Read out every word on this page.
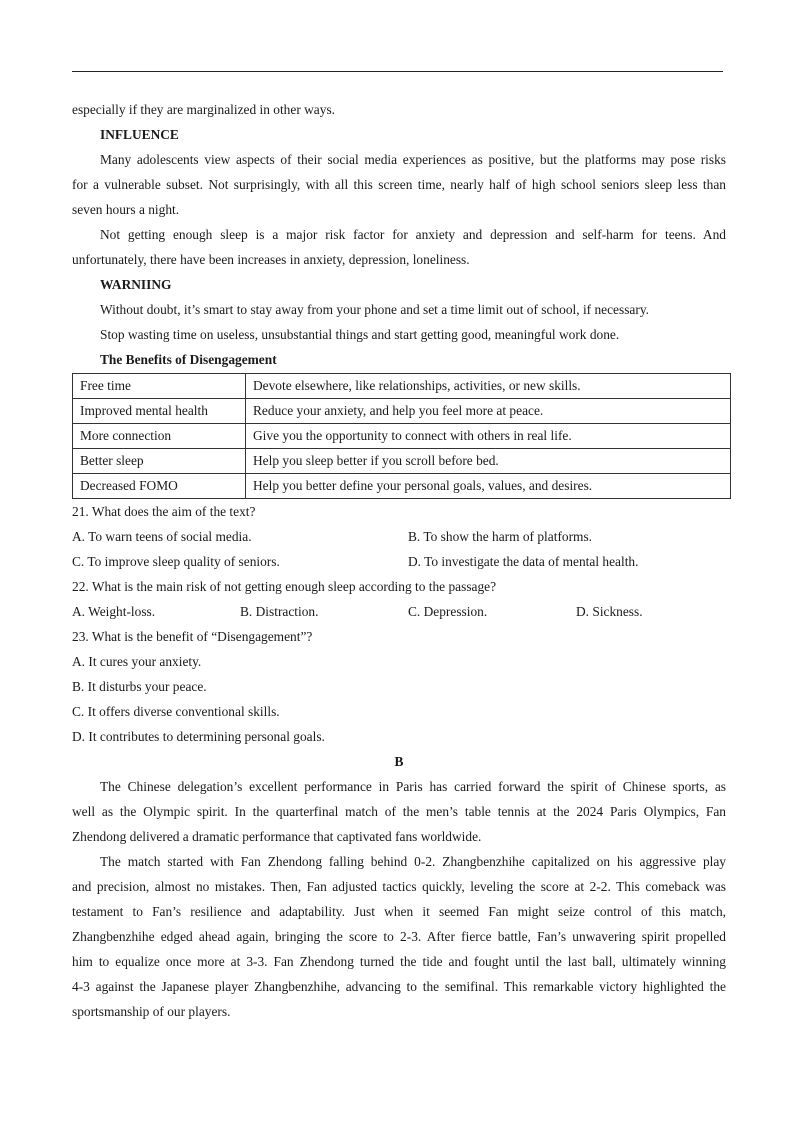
especially if they are marginalized in other ways.
INFLUENCE
Many adolescents view aspects of their social media experiences as positive, but the platforms may pose risks
for a vulnerable subset. Not surprisingly, with all this screen time, nearly half of high school seniors sleep less than
seven hours a night.
Not getting enough sleep is a major risk factor for anxiety and depression and self-harm for teens. And
unfortunately, there have been increases in anxiety, depression, loneliness.
WARNIING
Without doubt, it’s smart to stay away from your phone and set a time limit out of school, if necessary.
Stop wasting time on useless, unsubstantial things and start getting good, meaningful work done.
The Benefits of Disengagement
Free time	Devote elsewhere, like relationships, activities, or new skills.
Improved mental health	Reduce your anxiety, and help you feel more at peace.
More connection	Give you the opportunity to connect with others in real life.
Better sleep	Help you sleep better if you scroll before bed.
Decreased FOMO	Help you better define your personal goals, values, and desires.
21. What does the aim of the text?
A. To warn teens of social media.	B. To show the harm of platforms.
C. To improve sleep quality of seniors.	D. To investigate the data of mental health.
22. What is the main risk of not getting enough sleep according to the passage?
A. Weight-loss.	B. Distraction.	C. Depression.	D. Sickness.
23. What is the benefit of “Disengagement”?
A. It cures your anxiety.
B. It disturbs your peace.
C. It offers diverse conventional skills.
D. It contributes to determining personal goals.
B
The Chinese delegation’s excellent performance in Paris has carried forward the spirit of Chinese sports, as
well as the Olympic spirit. In the quarterfinal match of the men’s table tennis at the 2024 Paris Olympics, Fan
Zhendong delivered a dramatic performance that captivated fans worldwide.
The match started with Fan Zhendong falling behind 0-2. Zhangbenzhihe capitalized on his aggressive play
and precision, almost no mistakes. Then, Fan adjusted tactics quickly, leveling the score at 2-2. This comeback was
testament to Fan’s resilience and adaptability. Just when it seemed Fan might seize control of this match,
Zhangbenzhihe edged ahead again, bringing the score to 2-3. After fierce battle, Fan’s unwavering spirit propelled
him to equalize once more at 3-3. Fan Zhendong turned the tide and fought until the last ball, ultimately winning
4-3 against the Japanese player Zhangbenzhihe, advancing to the semifinal. This remarkable victory highlighted the
sportsmanship of our players.
